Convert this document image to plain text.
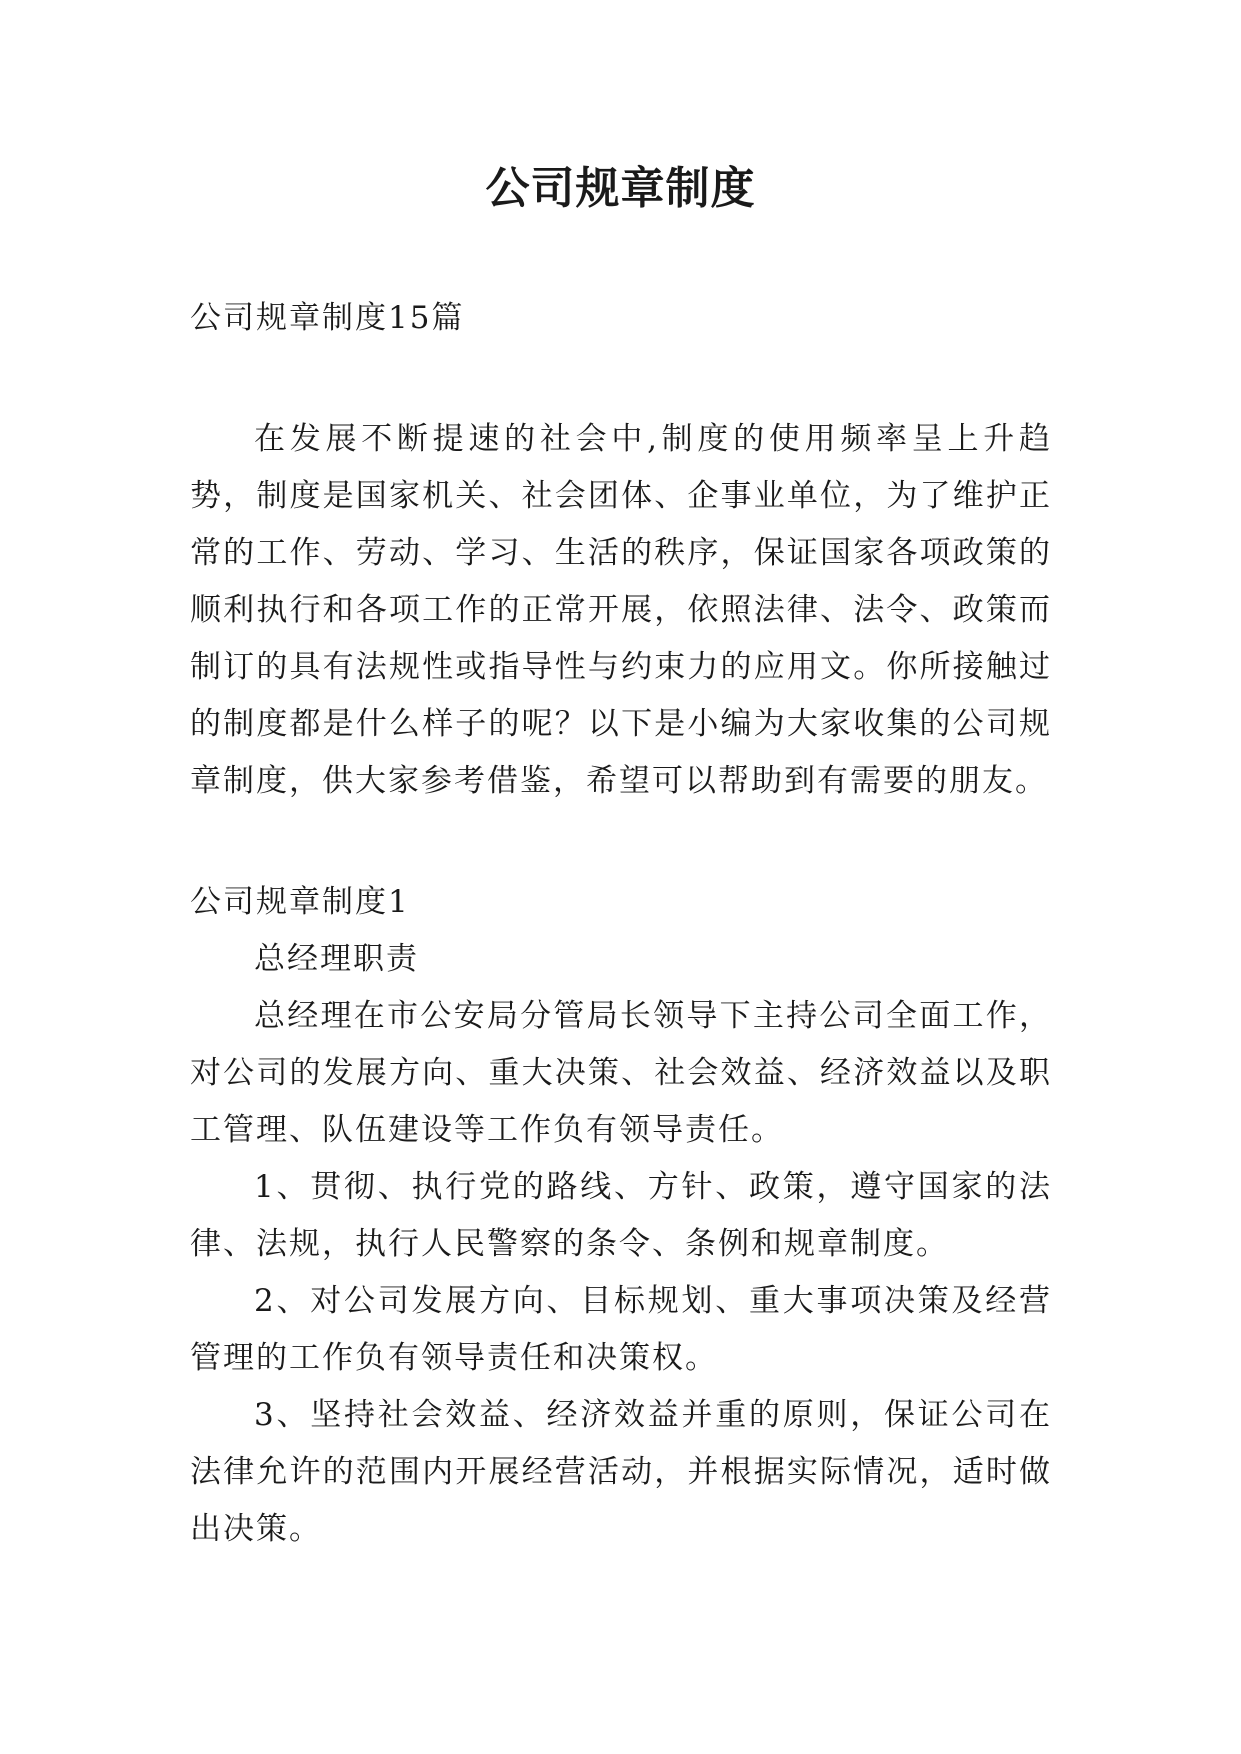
公司规章制度

公司规章制度15篇

在发展不断提速的社会中,制度的使用频率呈上升趋势，制度是国家机关、社会团体、企事业单位，为了维护正常的工作、劳动、学习、生活的秩序，保证国家各项政策的顺利执行和各项工作的正常开展，依照法律、法令、政策而制订的具有法规性或指导性与约束力的应用文。你所接触过的制度都是什么样子的呢？以下是小编为大家收集的公司规章制度，供大家参考借鉴，希望可以帮助到有需要的朋友。

公司规章制度1

总经理职责

总经理在市公安局分管局长领导下主持公司全面工作，对公司的发展方向、重大决策、社会效益、经济效益以及职工管理、队伍建设等工作负有领导责任。

1、贯彻、执行党的路线、方针、政策，遵守国家的法律、法规，执行人民警察的条令、条例和规章制度。

2、对公司发展方向、目标规划、重大事项决策及经营管理的工作负有领导责任和决策权。

3、坚持社会效益、经济效益并重的原则，保证公司在法律允许的范围内开展经营活动，并根据实际情况，适时做出决策。
